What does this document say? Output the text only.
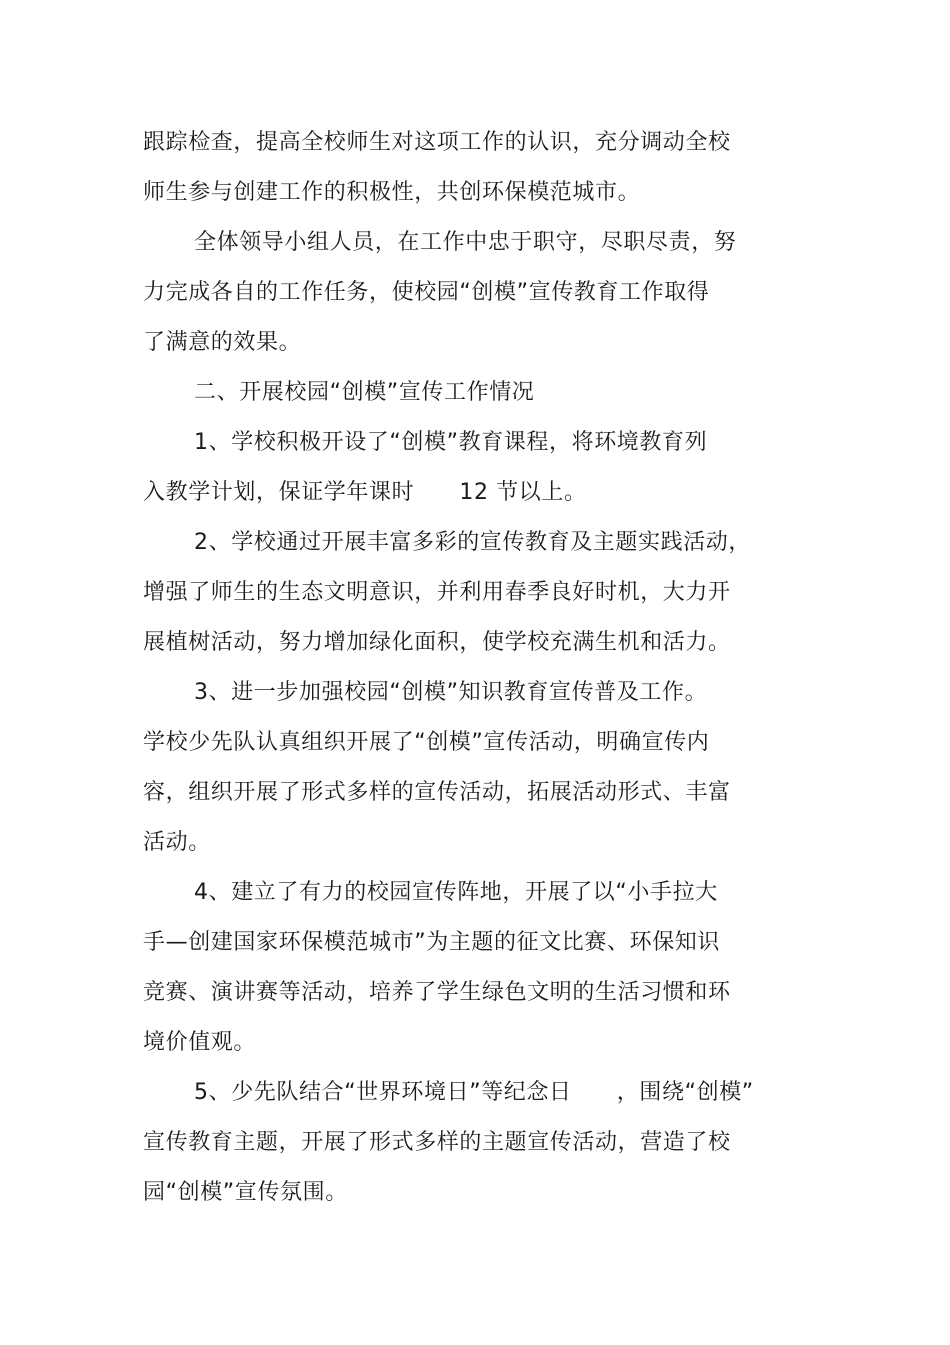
跟踪检查，提高全校师生对这项工作的认识，充分调动全校
师生参与创建工作的积极性，共创环保模范城市。
全体领导小组人员，在工作中忠于职守，尽职尽责，努
力完成各自的工作任务，使校园“创模”宣传教育工作取得
了满意的效果。
二、开展校园“创模”宣传工作情况
1、学校积极开设了“创模”教育课程，将环境教育列
入教学计划，保证学年课时　　12 节以上。
2、学校通过开展丰富多彩的宣传教育及主题实践活动，
增强了师生的生态文明意识，并利用春季良好时机，大力开
展植树活动，努力增加绿化面积，使学校充满生机和活力。
3、进一步加强校园“创模”知识教育宣传普及工作。
学校少先队认真组织开展了“创模”宣传活动，明确宣传内
容，组织开展了形式多样的宣传活动，拓展活动形式、丰富
活动。
4、建立了有力的校园宣传阵地，开展了以“小手拉大
手—创建国家环保模范城市”为主题的征文比赛、环保知识
竞赛、演讲赛等活动，培养了学生绿色文明的生活习惯和环
境价值观。
5、少先队结合“世界环境日”等纪念日　　，围绕“创模”
宣传教育主题，开展了形式多样的主题宣传活动，营造了校
园“创模”宣传氛围。
